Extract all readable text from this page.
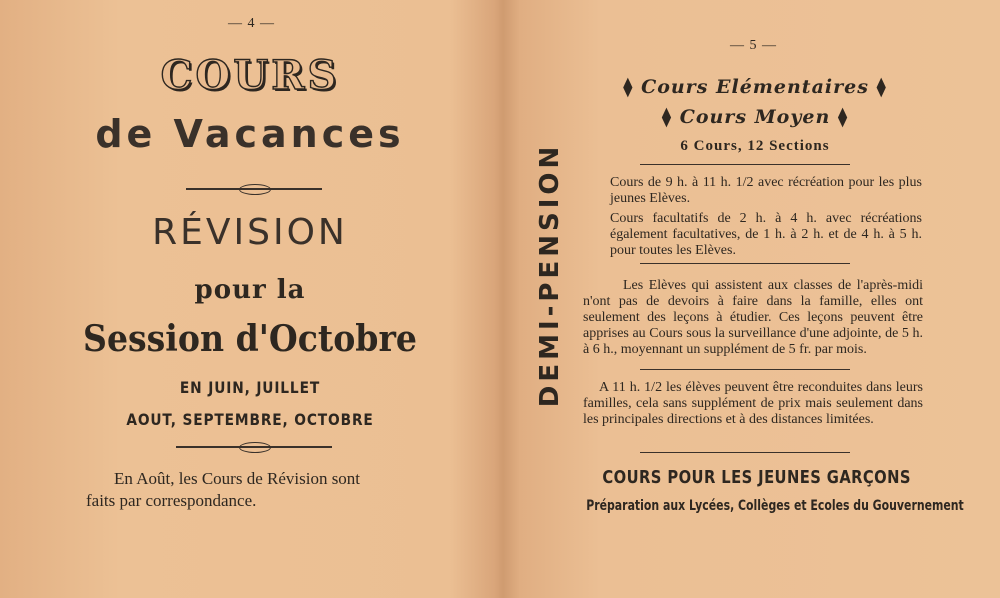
— 4 —
COURS
de Vacances
RÉVISION
pour la
Session d'Octobre
EN JUIN, JUILLET
AOUT, SEPTEMBRE, OCTOBRE
En Août, les Cours de Révision sont faits par correspondance.
— 5 —
DEMI-PENSION
⧫ Cours Elémentaires ⧫
⧫ Cours Moyen ⧫
6 Cours, 12 Sections
Cours de 9 h. à 11 h. 1/2 avec récréation pour les plus jeunes Elèves.
Cours facultatifs de 2 h. à 4 h. avec récréations également facultatives, de 1 h. à 2 h. et de 4 h. à 5 h. pour toutes les Elèves.
Les Elèves qui assistent aux classes de l'après-midi n'ont pas de devoirs à faire dans la famille, elles ont seulement des leçons à étudier. Ces leçons peuvent être apprises au Cours sous la surveillance d'une adjointe, de 5 h. à 6 h., moyennant un supplément de 5 fr. par mois.
A 11 h. 1/2 les élèves peuvent être reconduites dans leurs familles, cela sans supplément de prix mais seulement dans les principales directions et à des distances limitées.
COURS POUR LES JEUNES GARÇONS
Préparation aux Lycées, Collèges et Ecoles du Gouvernement
